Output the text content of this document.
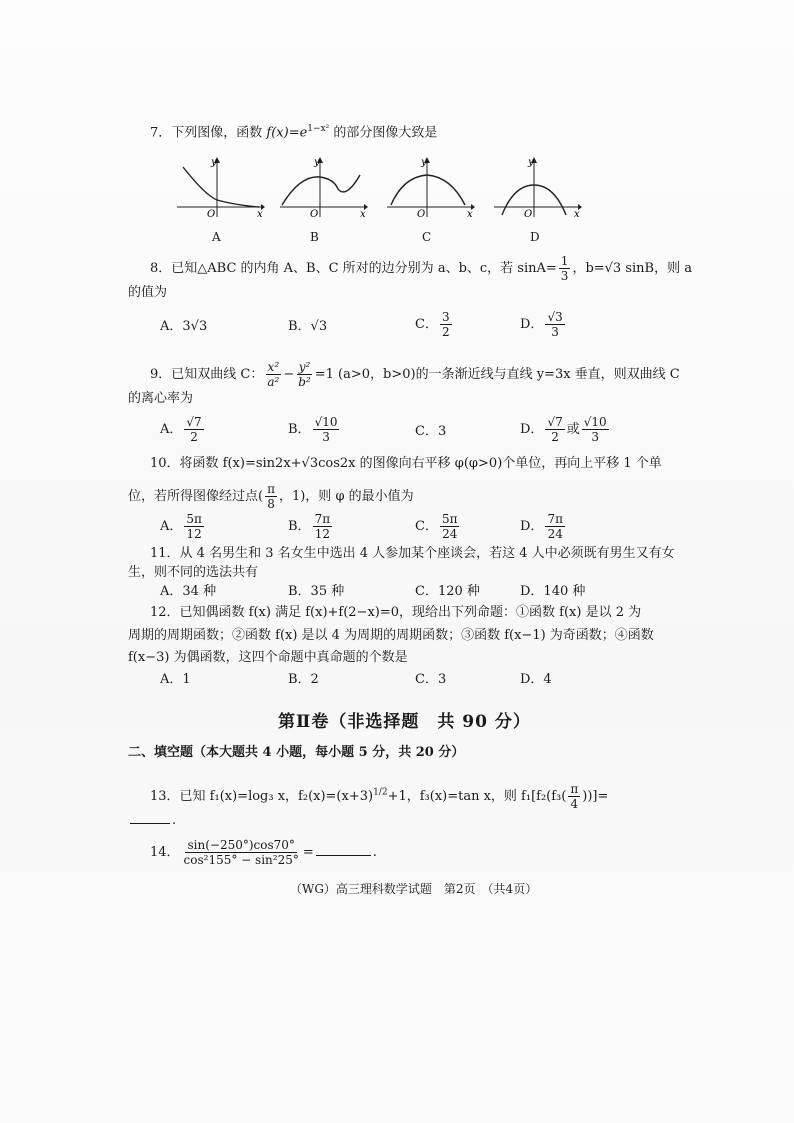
7．下列图像，函数 $f(x)=e^{1-x^2}$ 的部分图像大致是
y
O	x
A
y
O	x
B
y
O	x
C
y
O	x
D
8．已知△ABC 的内角 A、B、C 所对的边分别为 a、b、c，若 $\sin A= \frac{1}{3}$ ，b=√3 sinB，则 a
的值为
A．3√3	B．√3	C． $\frac{3}{2}$	D． $\frac{√3}{3}$
9．已知双曲线 C： $\frac{\text{x²}}{\text{a²}} - \frac{\text{y²}}{\text{b²}} =1$ (a>0，b>0)的一条渐近线与直线 y=3x 垂直，则双曲线 C
的离心率为
A． $\frac{√7}{2}$	B． $\frac{√10}{3}$	C．3	D． $\frac{√7}{2}$ 或 $\frac{√10}{3}$
10．将函数 f(x)=sin2x+√3cos2x 的图像向右平移 φ(φ>0)个单位，再向上平移 1 个单
位，若所得图像经过点( $\frac{\pi}{8}$ ，1)，则 φ 的最小值为
A． $\frac{5\pi}{12}$	B． $\frac{7\pi}{12}$	C． $\frac{5\pi}{24}$	D． $\frac{7\pi}{24}$
11．从 4 名男生和 3 名女生中选出 4 人参加某个座谈会，若这 4 人中必须既有男生又有女
生，则不同的选法共有
A．34 种	B．35 种	C．120 种	D．140 种
12．已知偶函数 f(x) 满足 f(x)+f(2−x)=0，现给出下列命题：①函数 f(x) 是以 2 为
周期的周期函数；②函数 f(x) 是以 4 为周期的周期函数；③函数 f(x−1) 为奇函数；④函数
f(x−3) 为偶函数，这四个命题中真命题的个数是
A．1	B．2	C．3	D．4
第Ⅱ卷（非选择题　共 90 分）
二、填空题（本大题共 4 小题，每小题 5 分，共 20 分）
13．已知 f₁(x)=log₃ x，$f_2(x)=(x+3)^{1/2}+1$，f₃(x)=tan x，则 $f_1[f_2(f_3( \frac{\pi}{4}$ ))]=
.
14． $\frac{\sin(-250^\circ)\cos 70^\circ}{\text{cos²155° − sin²25°}}$ =	.
（WG）高三理科数学试题　第2页　（共4页）
